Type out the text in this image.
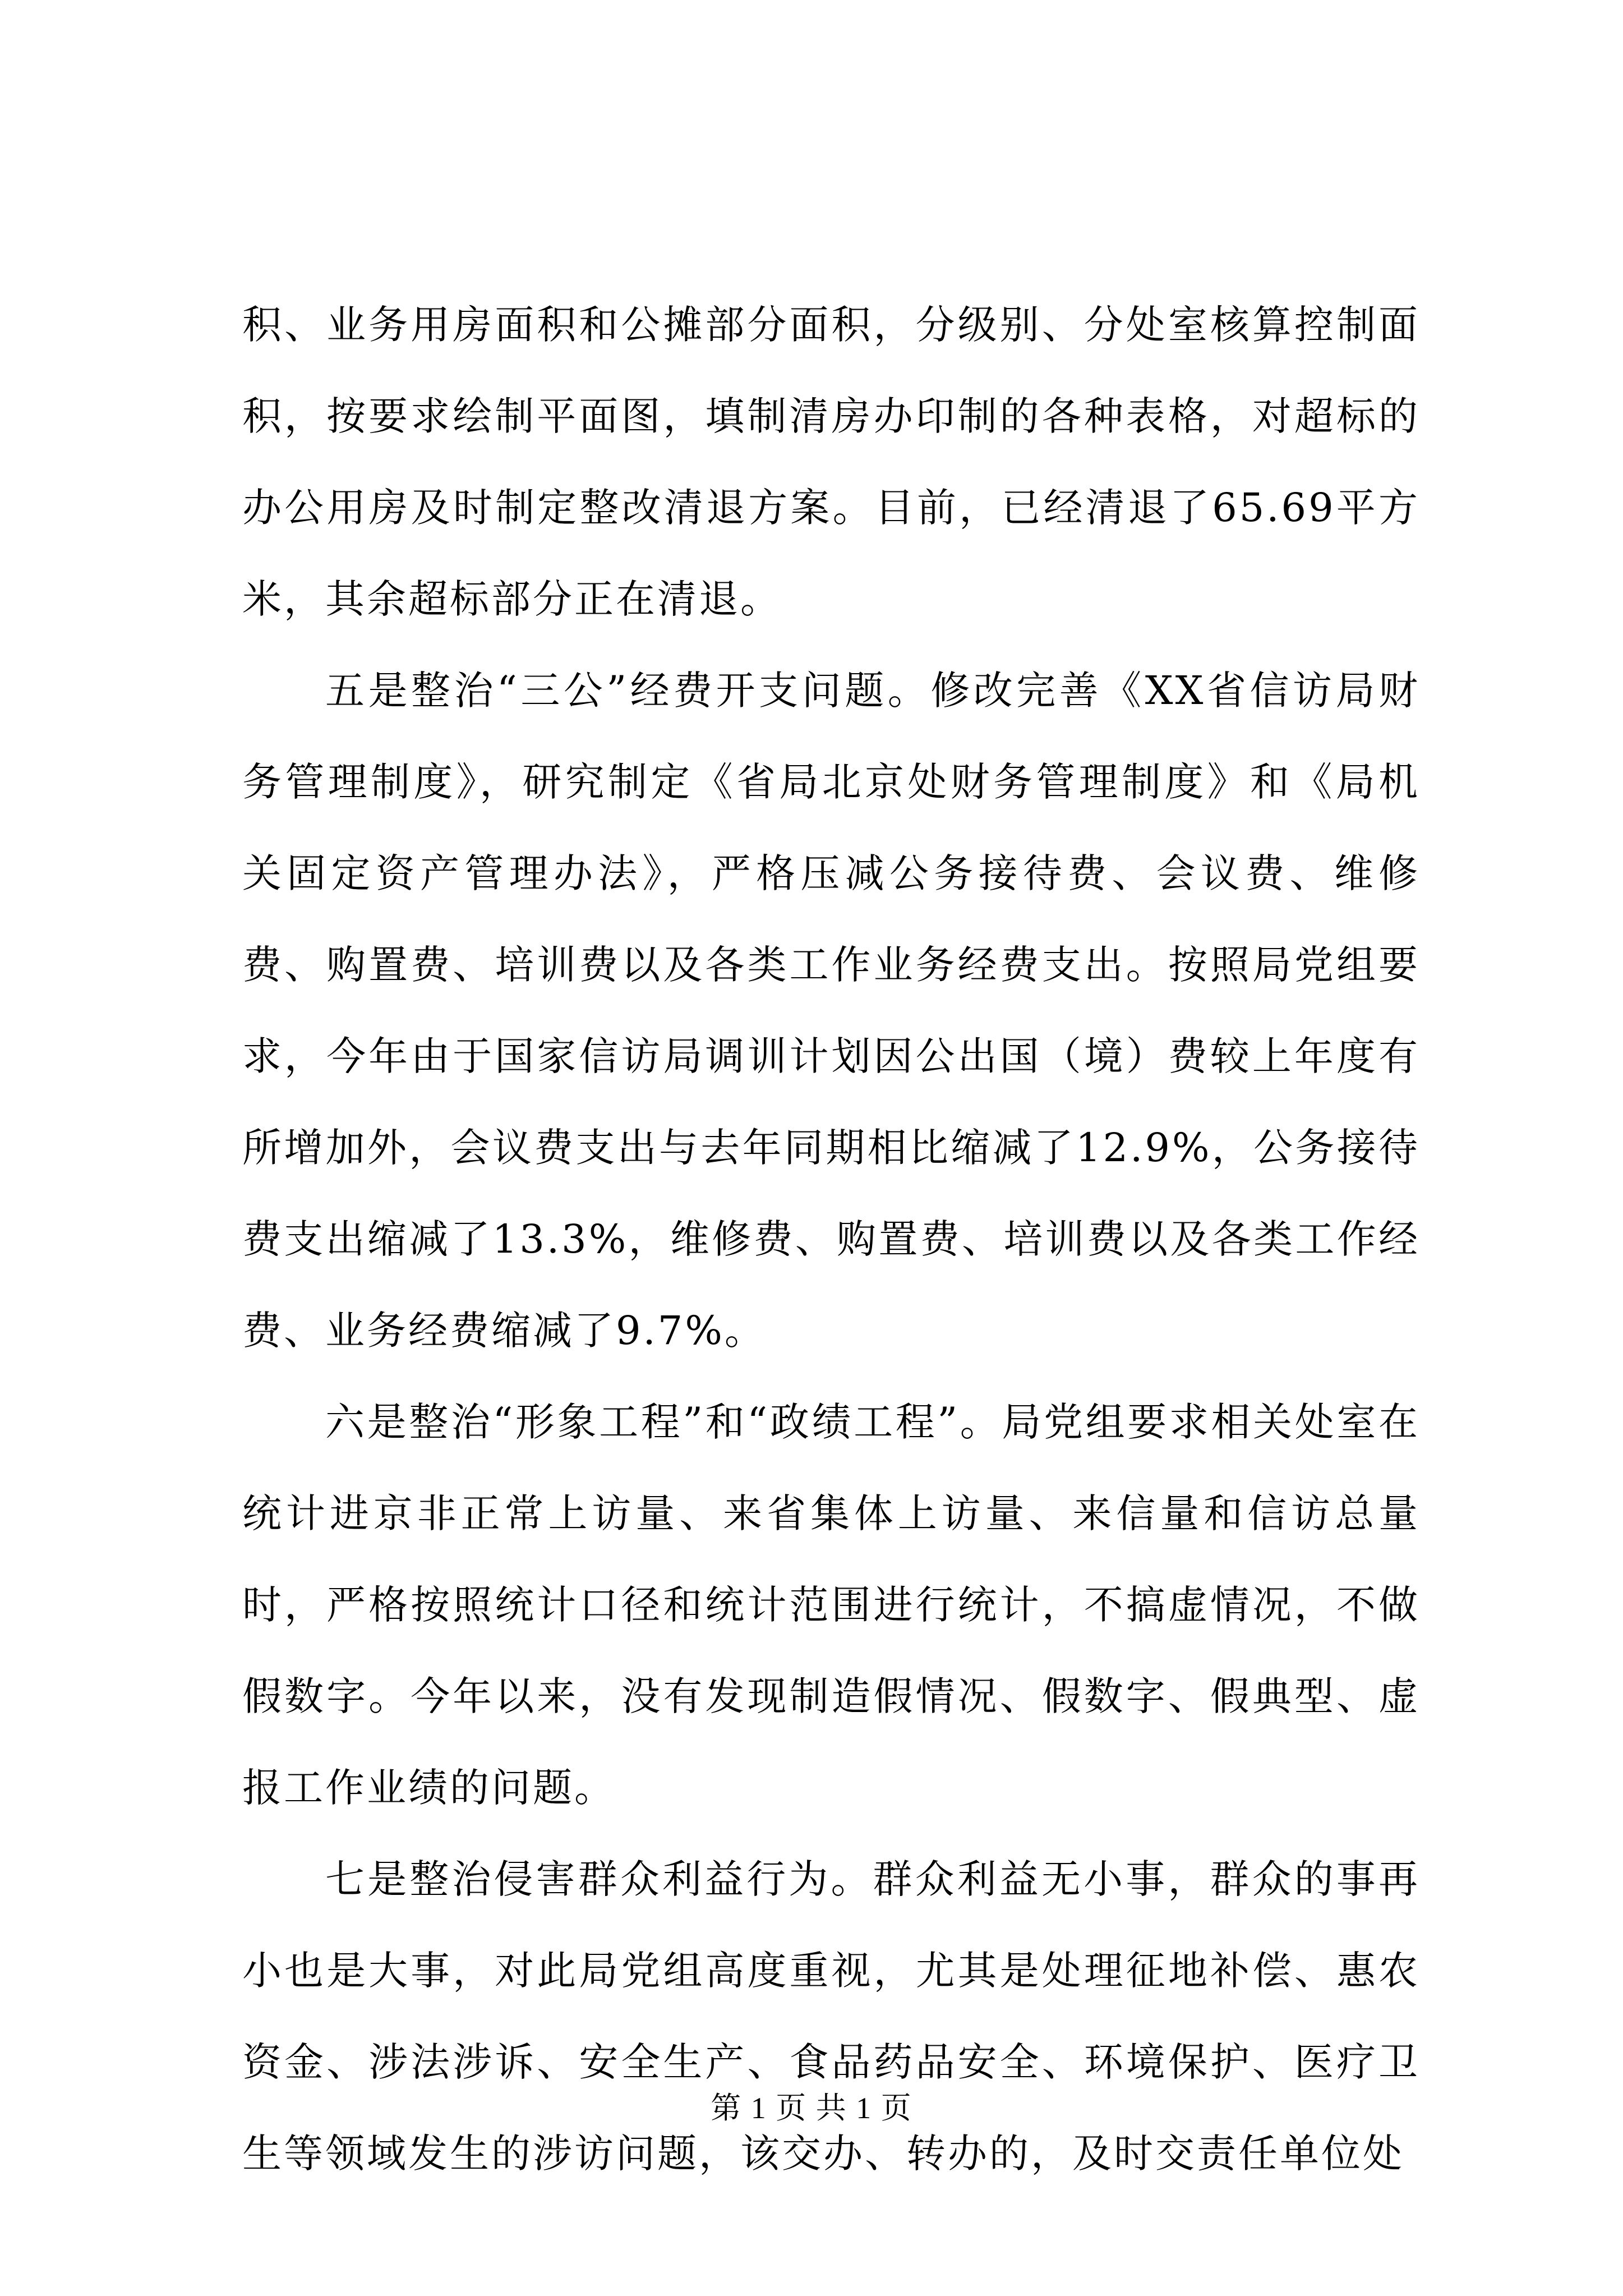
积、业务用房面积和公摊部分面积，分级别、分处室核算控制面积，按要求绘制平面图，填制清房办印制的各种表格，对超标的办公用房及时制定整改清退方案。目前，已经清退了65.69平方米，其余超标部分正在清退。

五是整治“三公”经费开支问题。修改完善《XX省信访局财务管理制度》，研究制定《省局北京处财务管理制度》和《局机关固定资产管理办法》，严格压减公务接待费、会议费、维修费、购置费、培训费以及各类工作业务经费支出。按照局党组要求，今年由于国家信访局调训计划因公出国（境）费较上年度有所增加外，会议费支出与去年同期相比缩减了12.9%，公务接待费支出缩减了13.3%，维修费、购置费、培训费以及各类工作经费、业务经费缩减了9.7%。

六是整治“形象工程”和“政绩工程”。局党组要求相关处室在统计进京非正常上访量、来省集体上访量、来信量和信访总量时，严格按照统计口径和统计范围进行统计，不搞虚情况，不做假数字。今年以来，没有发现制造假情况、假数字、假典型、虚报工作业绩的问题。

七是整治侵害群众利益行为。群众利益无小事，群众的事再小也是大事，对此局党组高度重视，尤其是处理征地补偿、惠农资金、涉法涉诉、安全生产、食品药品安全、环境保护、医疗卫生等领域发生的涉访问题，该交办、转办的，及时交责任单位处

第 1 页 共 1 页
